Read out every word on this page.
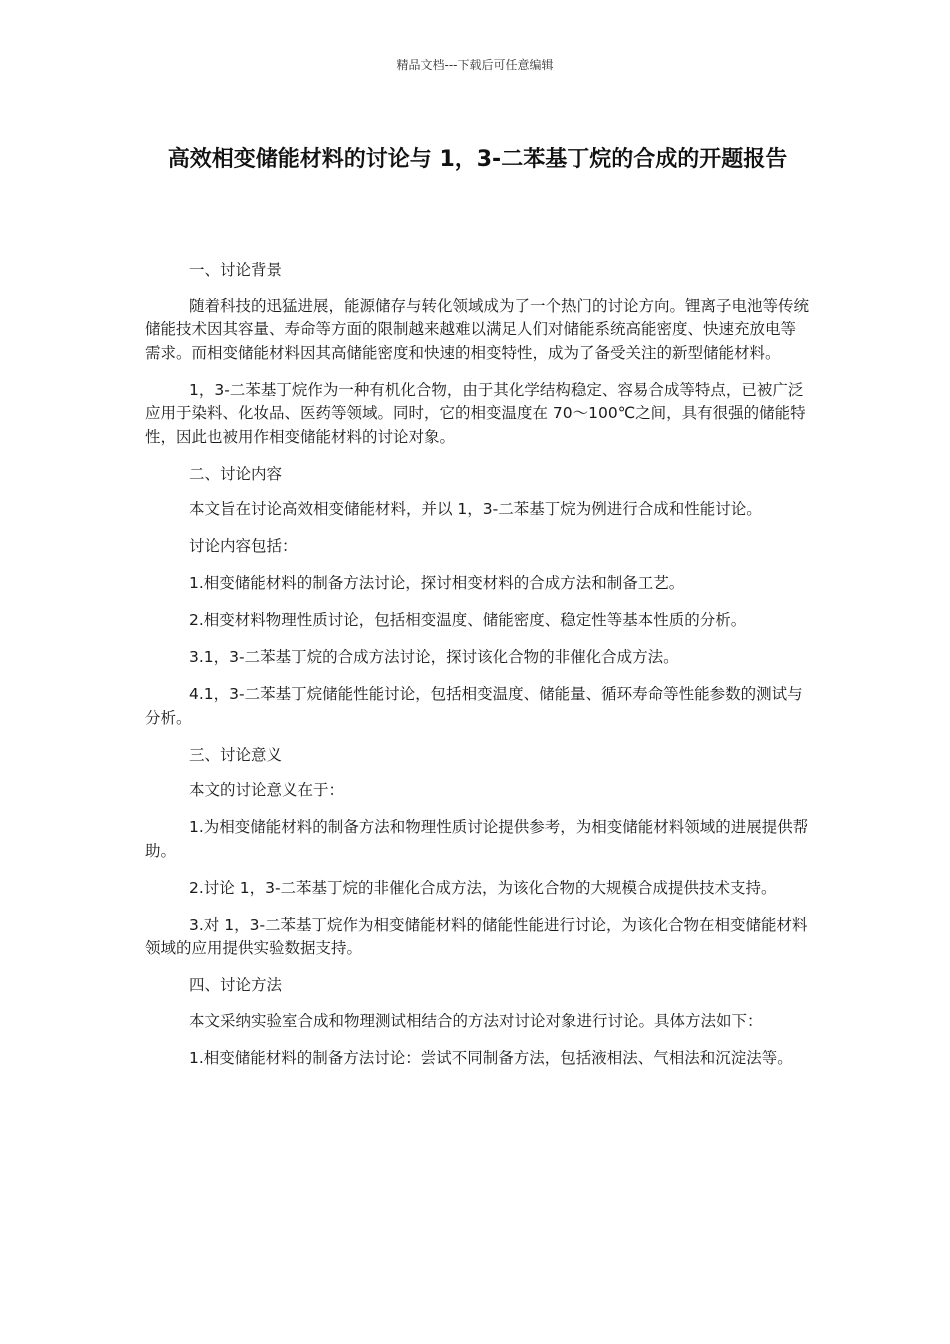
精品文档---下载后可任意编辑
高效相变储能材料的讨论与 1，3-二苯基丁烷的合成的开题报告

一、讨论背景

随着科技的迅猛进展，能源储存与转化领域成为了一个热门的讨论方向。锂离子电池等传统储能技术因其容量、寿命等方面的限制越来越难以满足人们对储能系统高能密度、快速充放电等需求。而相变储能材料因其高储能密度和快速的相变特性，成为了备受关注的新型储能材料。

1，3-二苯基丁烷作为一种有机化合物，由于其化学结构稳定、容易合成等特点，已被广泛应用于染料、化妆品、医药等领域。同时，它的相变温度在 70～100℃之间，具有很强的储能特性，因此也被用作相变储能材料的讨论对象。

二、讨论内容

本文旨在讨论高效相变储能材料，并以 1，3-二苯基丁烷为例进行合成和性能讨论。

讨论内容包括：

1.相变储能材料的制备方法讨论，探讨相变材料的合成方法和制备工艺。

2.相变材料物理性质讨论，包括相变温度、储能密度、稳定性等基本性质的分析。

3.1，3-二苯基丁烷的合成方法讨论，探讨该化合物的非催化合成方法。

4.1，3-二苯基丁烷储能性能讨论，包括相变温度、储能量、循环寿命等性能参数的测试与分析。

三、讨论意义

本文的讨论意义在于：

1.为相变储能材料的制备方法和物理性质讨论提供参考，为相变储能材料领域的进展提供帮助。

2.讨论 1，3-二苯基丁烷的非催化合成方法，为该化合物的大规模合成提供技术支持。

3.对 1，3-二苯基丁烷作为相变储能材料的储能性能进行讨论，为该化合物在相变储能材料领域的应用提供实验数据支持。

四、讨论方法

本文采纳实验室合成和物理测试相结合的方法对讨论对象进行讨论。具体方法如下：

1.相变储能材料的制备方法讨论：尝试不同制备方法，包括液相法、气相法和沉淀法等。
